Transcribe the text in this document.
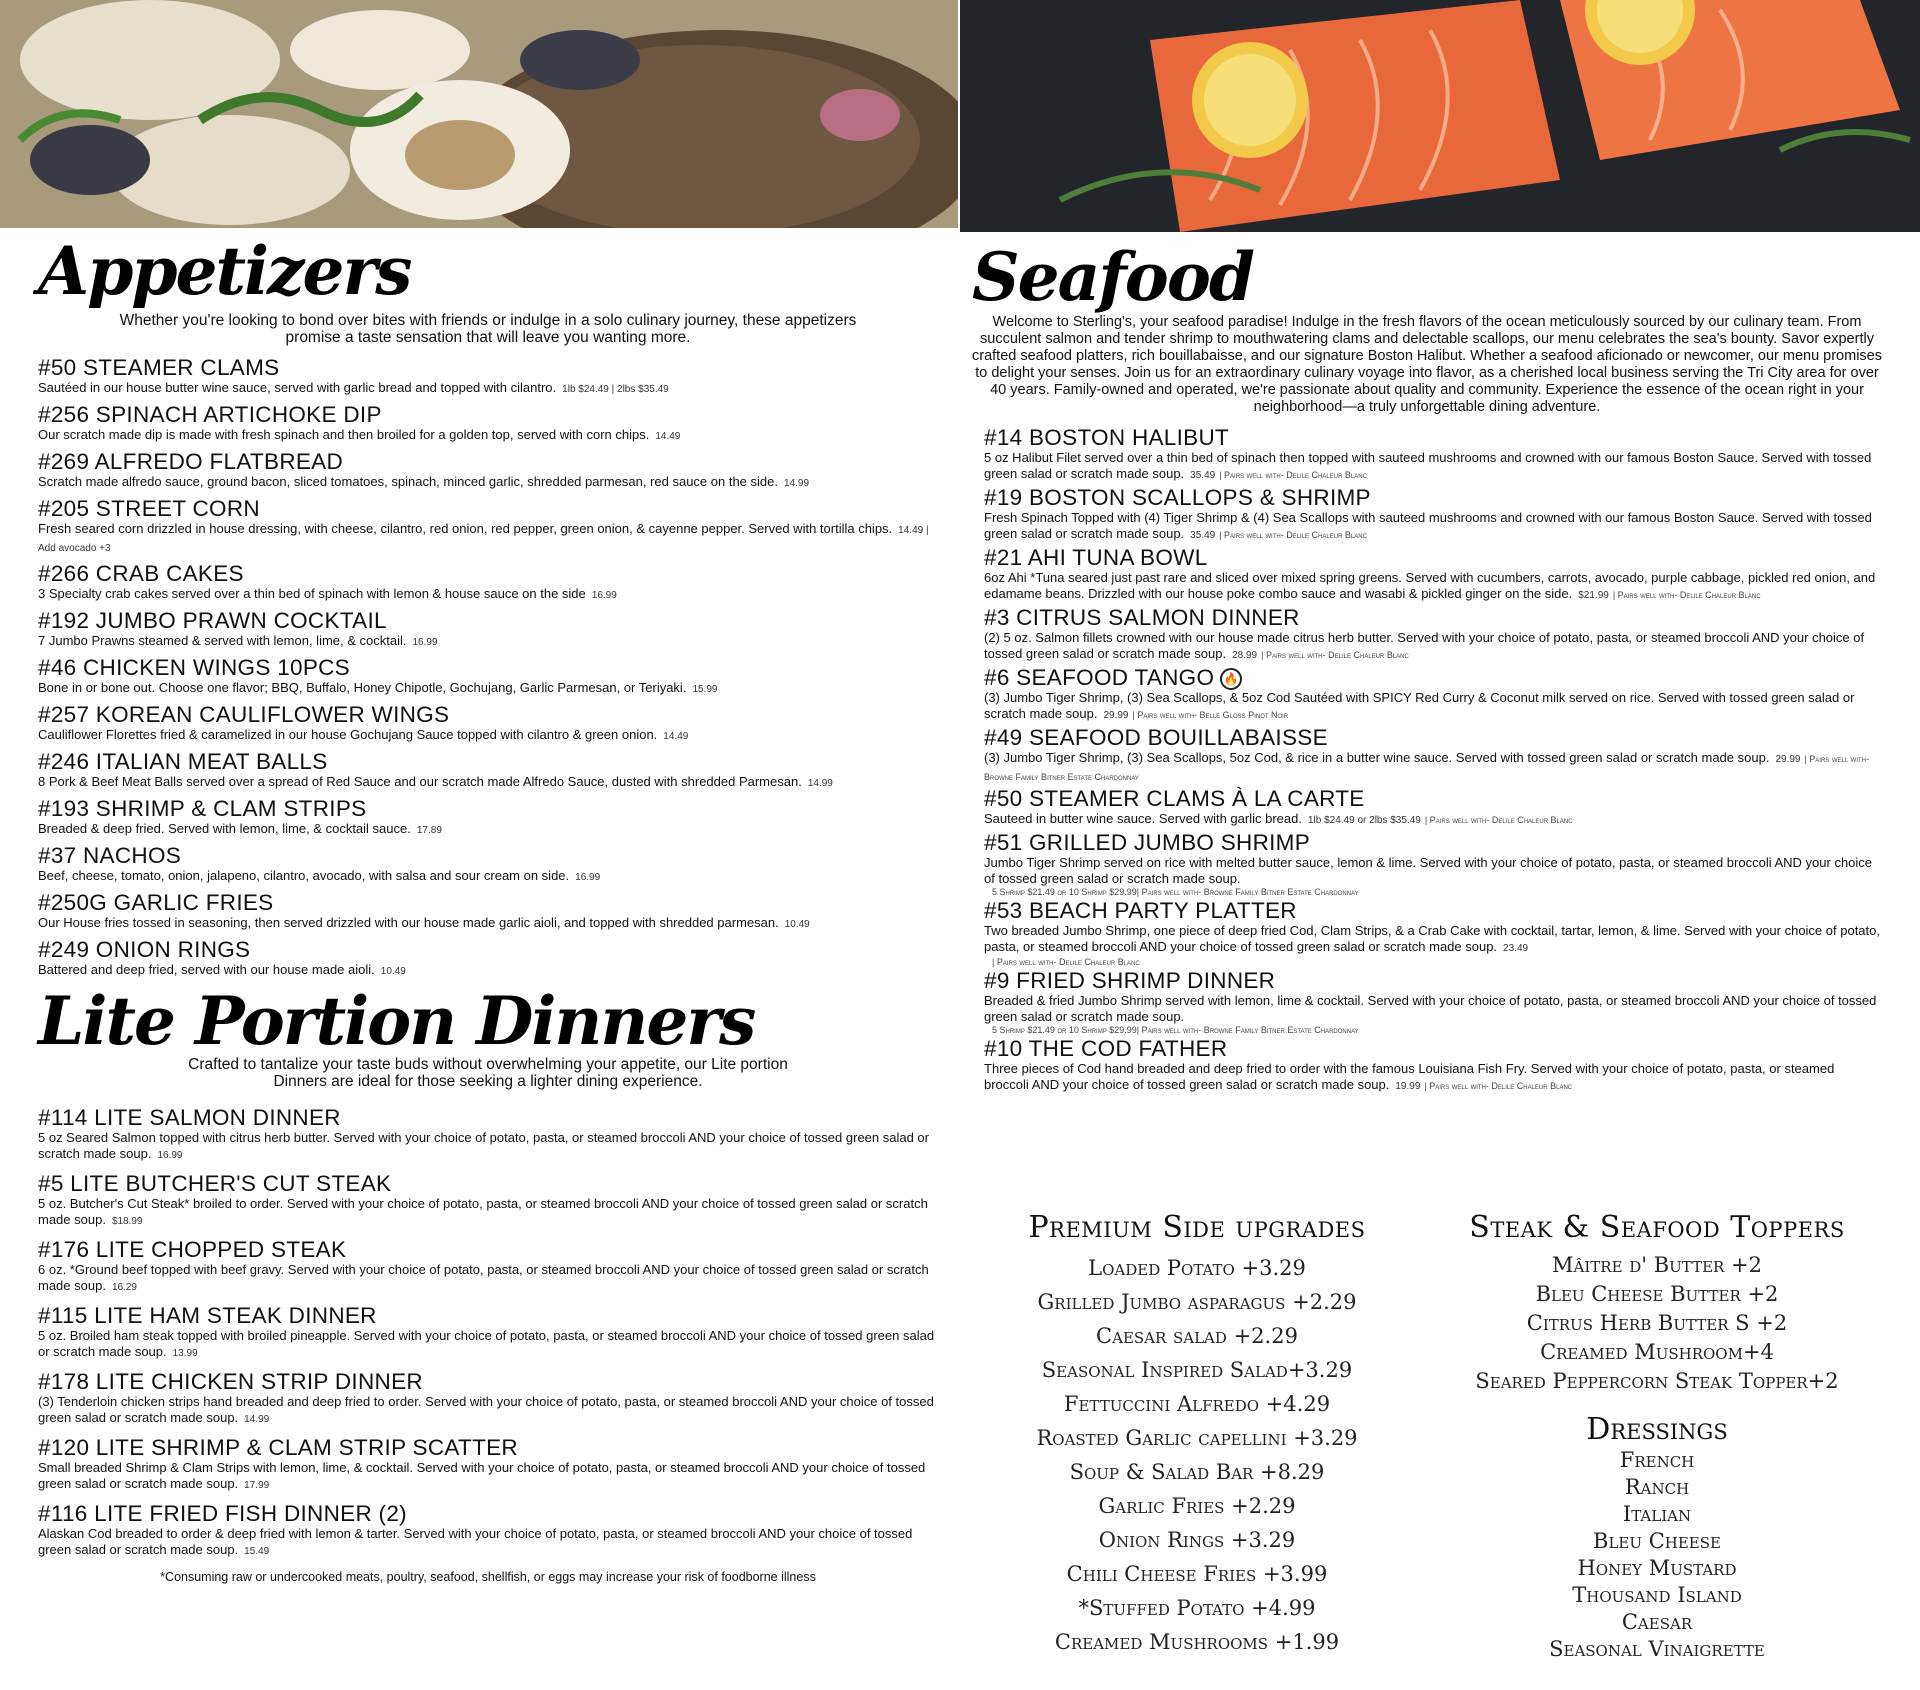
Appetizers
Whether you're looking to bond over bites with friends or indulge in a solo culinary journey, these appetizers promise a taste sensation that will leave you wanting more.
#50 STEAMER CLAMS
Sautéed in our house butter wine sauce, served with garlic bread and topped with cilantro. 1lb $24.49 | 2lbs $35.49
#256 SPINACH ARTICHOKE DIP
Our scratch made dip is made with fresh spinach and then broiled for a golden top, served with corn chips. 14.49
#269 ALFREDO FLATBREAD
Scratch made alfredo sauce, ground bacon, sliced tomatoes, spinach, minced garlic, shredded parmesan, red sauce on the side. 14.99
#205 STREET CORN
Fresh seared corn drizzled in house dressing, with cheese, cilantro, red onion, red pepper, green onion, & cayenne pepper. Served with tortilla chips. 14.49 | Add avocado +3
#266 CRAB CAKES
3 Specialty crab cakes served over a thin bed of spinach with lemon & house sauce on the side 16.99
#192 JUMBO PRAWN COCKTAIL
7 Jumbo Prawns steamed & served with lemon, lime, & cocktail. 16.99
#46 CHICKEN WINGS 10PCS
Bone in or bone out. Choose one flavor; BBQ, Buffalo, Honey Chipotle, Gochujang, Garlic Parmesan, or Teriyaki. 15.99
#257 KOREAN CAULIFLOWER WINGS
Cauliflower Florettes fried & caramelized in our house Gochujang Sauce topped with cilantro & green onion. 14.49
#246 ITALIAN MEAT BALLS
8 Pork & Beef Meat Balls served over a spread of Red Sauce and our scratch made Alfredo Sauce, dusted with shredded Parmesan. 14.99
#193 SHRIMP & CLAM STRIPS
Breaded & deep fried. Served with lemon, lime, & cocktail sauce. 17.89
#37 NACHOS
Beef, cheese, tomato, onion, jalapeno, cilantro, avocado, with salsa and sour cream on side. 16.99
#250G GARLIC FRIES
Our House fries tossed in seasoning, then served drizzled with our house made garlic aioli, and topped with shredded parmesan. 10.49
#249 ONION RINGS
Battered and deep fried, served with our house made aioli. 10.49
Lite Portion Dinners
Crafted to tantalize your taste buds without overwhelming your appetite, our Lite portion Dinners are ideal for those seeking a lighter dining experience.
#114 LITE SALMON DINNER
5 oz Seared Salmon topped with citrus herb butter. Served with your choice of potato, pasta, or steamed broccoli AND your choice of tossed green salad or scratch made soup. 16.99
#5 LITE BUTCHER'S CUT STEAK
5 oz. Butcher's Cut Steak* broiled to order. Served with your choice of potato, pasta, or steamed broccoli AND your choice of tossed green salad or scratch made soup. $18.99
#176 LITE CHOPPED STEAK
6 oz. *Ground beef topped with beef gravy. Served with your choice of potato, pasta, or steamed broccoli AND your choice of tossed green salad or scratch made soup. 16.29
#115 LITE HAM STEAK DINNER
5 oz. Broiled ham steak topped with broiled pineapple. Served with your choice of potato, pasta, or steamed broccoli AND your choice of tossed green salad or scratch made soup. 13.99
#178 LITE CHICKEN STRIP DINNER
(3) Tenderloin chicken strips hand breaded and deep fried to order. Served with your choice of potato, pasta, or steamed broccoli AND your choice of tossed green salad or scratch made soup. 14.99
#120 LITE SHRIMP & CLAM STRIP SCATTER
Small breaded Shrimp & Clam Strips with lemon, lime, & cocktail. Served with your choice of potato, pasta, or steamed broccoli AND your choice of tossed green salad or scratch made soup. 17.99
#116 LITE FRIED FISH DINNER (2)
Alaskan Cod breaded to order & deep fried with lemon & tarter. Served with your choice of potato, pasta, or steamed broccoli AND your choice of tossed green salad or scratch made soup. 15.49
*Consuming raw or undercooked meats, poultry, seafood, shellfish, or eggs may increase your risk of foodborne illness
Seafood
Welcome to Sterling's, your seafood paradise! Indulge in the fresh flavors of the ocean meticulously sourced by our culinary team. From succulent salmon and tender shrimp to mouthwatering clams and delectable scallops, our menu celebrates the sea's bounty. Savor expertly crafted seafood platters, rich bouillabaisse, and our signature Boston Halibut. Whether a seafood aficionado or newcomer, our menu promises to delight your senses. Join us for an extraordinary culinary voyage into flavor, as a cherished local business serving the Tri City area for over 40 years. Family-owned and operated, we're passionate about quality and community. Experience the essence of the ocean right in your neighborhood—a truly unforgettable dining adventure.
#14 BOSTON HALIBUT
5 oz Halibut Filet served over a thin bed of spinach then topped with sauteed mushrooms and crowned with our famous Boston Sauce. Served with tossed green salad or scratch made soup. 35.49 | Pairs well with- Delile Chaleur Blanc
#19 BOSTON SCALLOPS & SHRIMP
Fresh Spinach Topped with (4) Tiger Shrimp & (4) Sea Scallops with sauteed mushrooms and crowned with our famous Boston Sauce. Served with tossed green salad or scratch made soup. 35.49 | Pairs well with- Delile Chaleur Blanc
#21 AHI TUNA BOWL
6oz Ahi *Tuna seared just past rare and sliced over mixed spring greens. Served with cucumbers, carrots, avocado, purple cabbage, pickled red onion, and edamame beans. Drizzled with our house poke combo sauce and wasabi & pickled ginger on the side. $21.99 | Pairs well with- Delile Chaleur Blanc
#3 CITRUS SALMON DINNER
(2) 5 oz. Salmon fillets crowned with our house made citrus herb butter. Served with your choice of potato, pasta, or steamed broccoli AND your choice of tossed green salad or scratch made soup. 28.99 | Pairs well with- Delile Chaleur Blanc
#6 SEAFOOD TANGO 🔥
(3) Jumbo Tiger Shrimp, (3) Sea Scallops, & 5oz Cod Sautéed with SPICY Red Curry & Coconut milk served on rice. Served with tossed green salad or scratch made soup. 29.99 | Pairs well with- Belle Gloss Pinot Noir
#49 SEAFOOD BOUILLABAISSE
(3) Jumbo Tiger Shrimp, (3) Sea Scallops, 5oz Cod, & rice in a butter wine sauce. Served with tossed green salad or scratch made soup. 29.99 | Pairs well with- Browne Family Bitner Estate Chardonnay
#50 STEAMER CLAMS À LA CARTE
Sauteed in butter wine sauce. Served with garlic bread. 1lb $24.49 or 2lbs $35.49 | Pairs well with- Delile Chaleur Blanc
#51 GRILLED JUMBO SHRIMP
Jumbo Tiger Shrimp served on rice with melted butter sauce, lemon & lime. Served with your choice of potato, pasta, or steamed broccoli AND your choice of tossed green salad or scratch made soup.
5 Shrimp $21.49 or 10 Shrimp $29.99| Pairs well with- Browne Family Bitner Estate Chardonnay
#53 BEACH PARTY PLATTER
Two breaded Jumbo Shrimp, one piece of deep fried Cod, Clam Strips, & a Crab Cake with cocktail, tartar, lemon, & lime. Served with your choice of potato, pasta, or steamed broccoli AND your choice of tossed green salad or scratch made soup. 23.49
| Pairs well with- Delile Chaleur Blanc
#9 FRIED SHRIMP DINNER
Breaded & fried Jumbo Shrimp served with lemon, lime & cocktail. Served with your choice of potato, pasta, or steamed broccoli AND your choice of tossed green salad or scratch made soup.
5 Shrimp $21.49 or 10 Shrimp $29.99| Pairs well with- Browne Family Bitner Estate Chardonnay
#10 THE COD FATHER
Three pieces of Cod hand breaded and deep fried to order with the famous Louisiana Fish Fry. Served with your choice of potato, pasta, or steamed broccoli AND your choice of tossed green salad or scratch made soup. 19.99 | Pairs well with- Delile Chaleur Blanc
Premium Side upgrades
Loaded Potato +3.29
Grilled Jumbo asparagus +2.29
Caesar salad +2.29
Seasonal Inspired Salad+3.29
Fettuccini Alfredo +4.29
Roasted Garlic capellini +3.29
Soup & Salad Bar +8.29
Garlic Fries +2.29
Onion Rings +3.29
Chili Cheese Fries +3.99
*Stuffed Potato +4.99
Creamed Mushrooms +1.99
Steak & Seafood Toppers
Mâitre d' Butter +2
Bleu Cheese Butter +2
Citrus Herb Butter S +2
Creamed Mushroom+4
Seared Peppercorn Steak Topper+2
Dressings
French
Ranch
Italian
Bleu Cheese
Honey Mustard
Thousand Island
Caesar
Seasonal Vinaigrette
